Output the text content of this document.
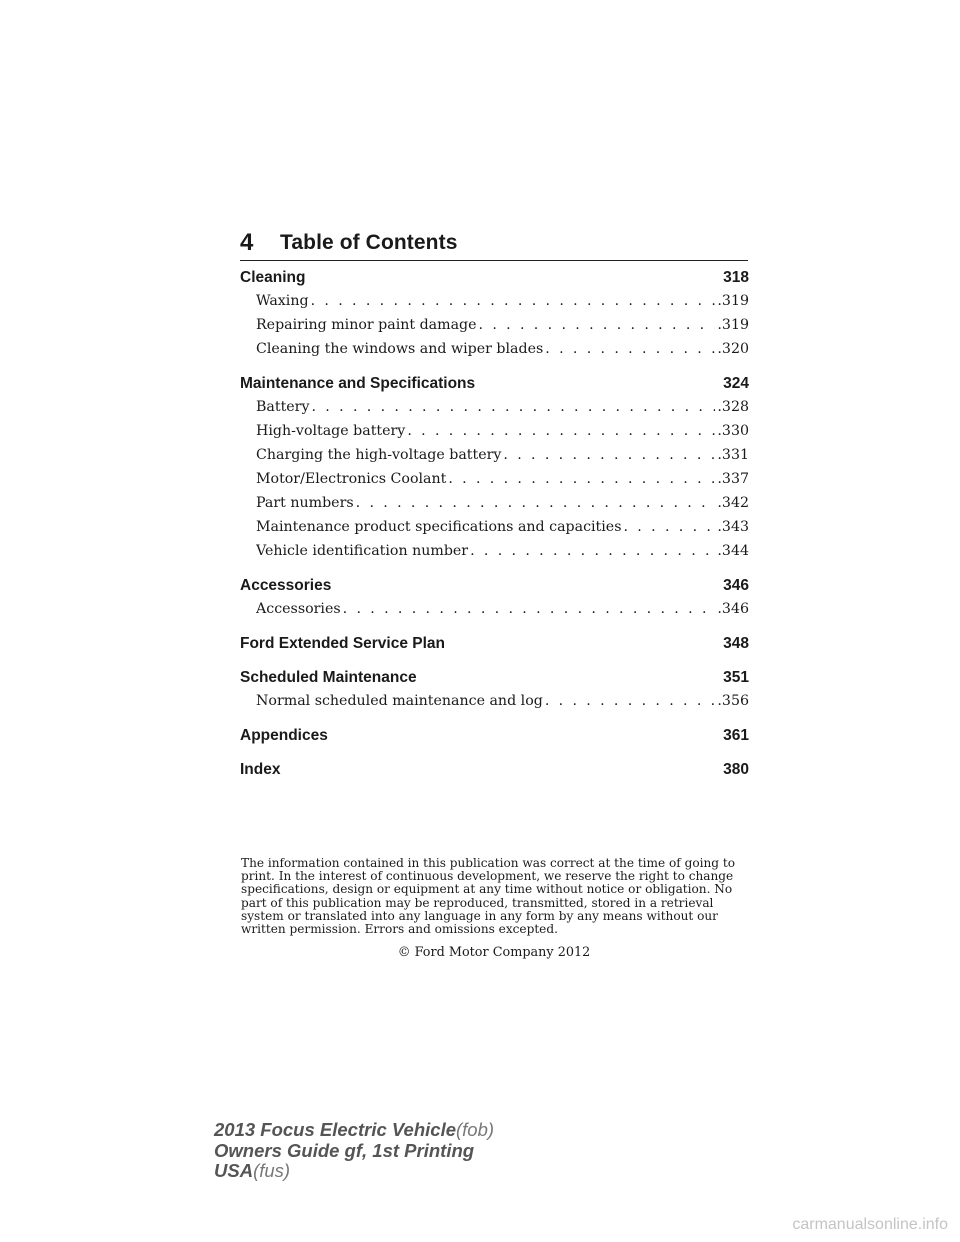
4 Table of Contents
Cleaning	318
Waxing . . .	.319
Repairing minor paint damage . . .	.319
Cleaning the windows and wiper blades . . .	.320
Maintenance and Specifications	324
Battery . . .	.328
High-voltage battery . . .	.330
Charging the high-voltage battery . . .	.331
Motor/Electronics Coolant . . .	.337
Part numbers . . .	.342
Maintenance product specifications and capacities . . .	.343
Vehicle identification number . . .	.344
Accessories	346
Accessories . . .	.346
Ford Extended Service Plan	348
Scheduled Maintenance	351
Normal scheduled maintenance and log . . .	.356
Appendices	361
Index	380
The information contained in this publication was correct at the time of going to
print. In the interest of continuous development, we reserve the right to change
specifications, design or equipment at any time without notice or obligation. No
part of this publication may be reproduced, transmitted, stored in a retrieval
system or translated into any language in any form by any means without our
written permission. Errors and omissions excepted.
© Ford Motor Company 2012
2013 Focus Electric Vehicle(fob)
Owners Guide gf, 1st Printing
USA(fus)
carmanualsonline.info
